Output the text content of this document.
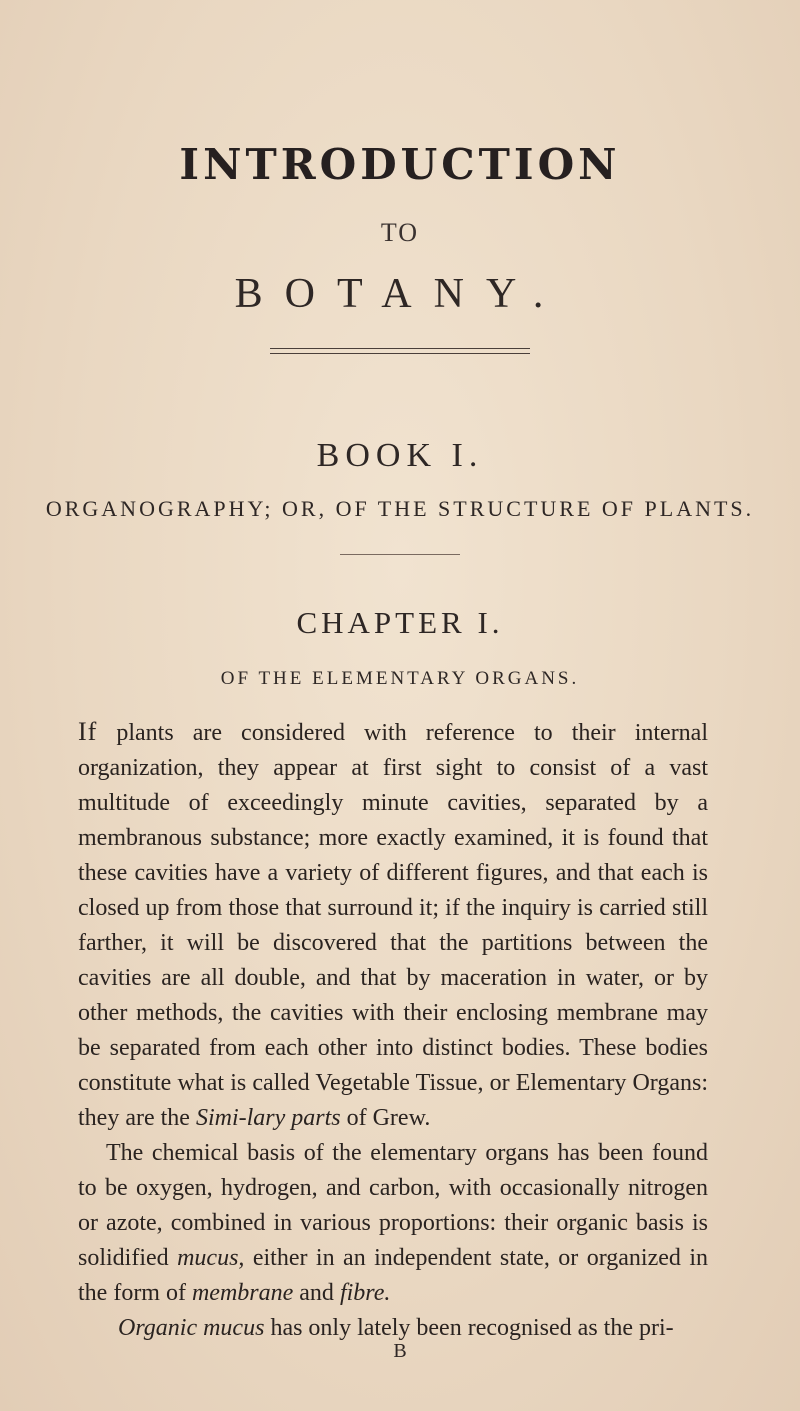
INTRODUCTION
TO
BOTANY.
BOOK I.
ORGANOGRAPHY; OR, OF THE STRUCTURE OF PLANTS.
CHAPTER I.
OF THE ELEMENTARY ORGANS.

If plants are considered with reference to their internal organization, they appear at first sight to consist of a vast multitude of exceedingly minute cavities, separated by a membranous substance; more exactly examined, it is found that these cavities have a variety of different figures, and that each is closed up from those that surround it; if the inquiry is carried still farther, it will be discovered that the partitions between the cavities are all double, and that by maceration in water, or by other methods, the cavities with their enclosing membrane may be separated from each other into distinct bodies. These bodies constitute what is called Vegetable Tissue, or Elementary Organs: they are the Simi-lary parts of Grew.

The chemical basis of the elementary organs has been found to be oxygen, hydrogen, and carbon, with occasionally nitrogen or azote, combined in various proportions: their organic basis is solidified mucus, either in an independent state, or organized in the form of membrane and fibre.

Organic mucus has only lately been recognised as the pri-

B
